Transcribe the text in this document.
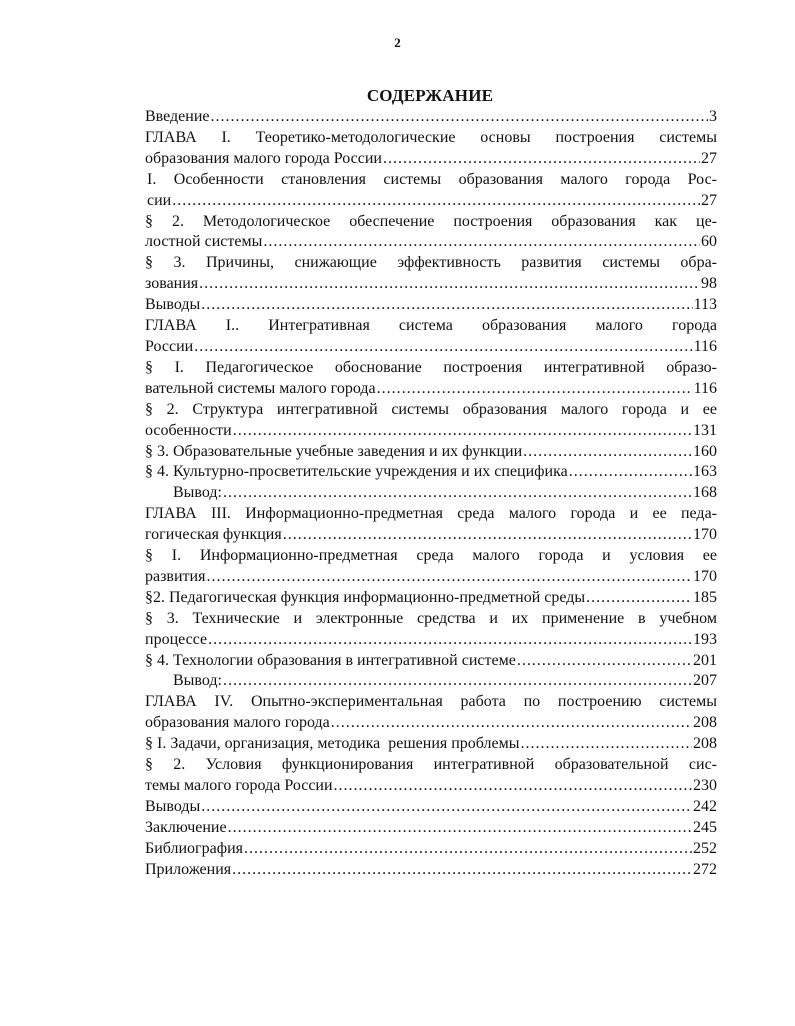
2
СОДЕРЖАНИЕ
Введение .....	3
ГЛАВА I. Теоретико-методологические основы построения системы
образования малого города России .....	27
I. Особенности становления системы образования малого города Рос-
сии .....	27
§ 2. Методологическое обеспечение построения образования как це-
лостной системы .....	60
§ 3. Причины, снижающие эффективность развития системы обра-
зования .....	98
Выводы .....	113
ГЛАВА I.. Интегративная система образования малого города
России .....	116
§ I. Педагогическое обоснование построения интегративной образо-
вательной системы малого города .....	116
§ 2. Структура интегративной системы образования малого города и ее
особенности .....	131
§ 3. Образовательные учебные заведения и их функции .....	160
§ 4. Культурно-просветительские учреждения и их специфика .....	163
Вывод: .....	168
ГЛАВА III. Информационно-предметная среда малого города и ее педа-
гогическая функция .....	170
§ I. Информационно-предметная среда малого города и условия ее
развития .....	170
§2. Педагогическая функция информационно-предметной среды .....	185
§ 3. Технические и электронные средства и их применение в учебном
процессе .....	193
§ 4. Технологии образования в интегративной системе .....	201
Вывод: .....	207
ГЛАВА IV. Опытно-экспериментальная работа по построению системы
образования малого города .....	208
§ I. Задачи, организация, методика  решения проблемы .....	208
§ 2. Условия функционирования интегративной образовательной сис-
темы малого города России .....	230
Выводы .....	242
Заключение .....	245
Библиография .....	252
Приложения .....	272
